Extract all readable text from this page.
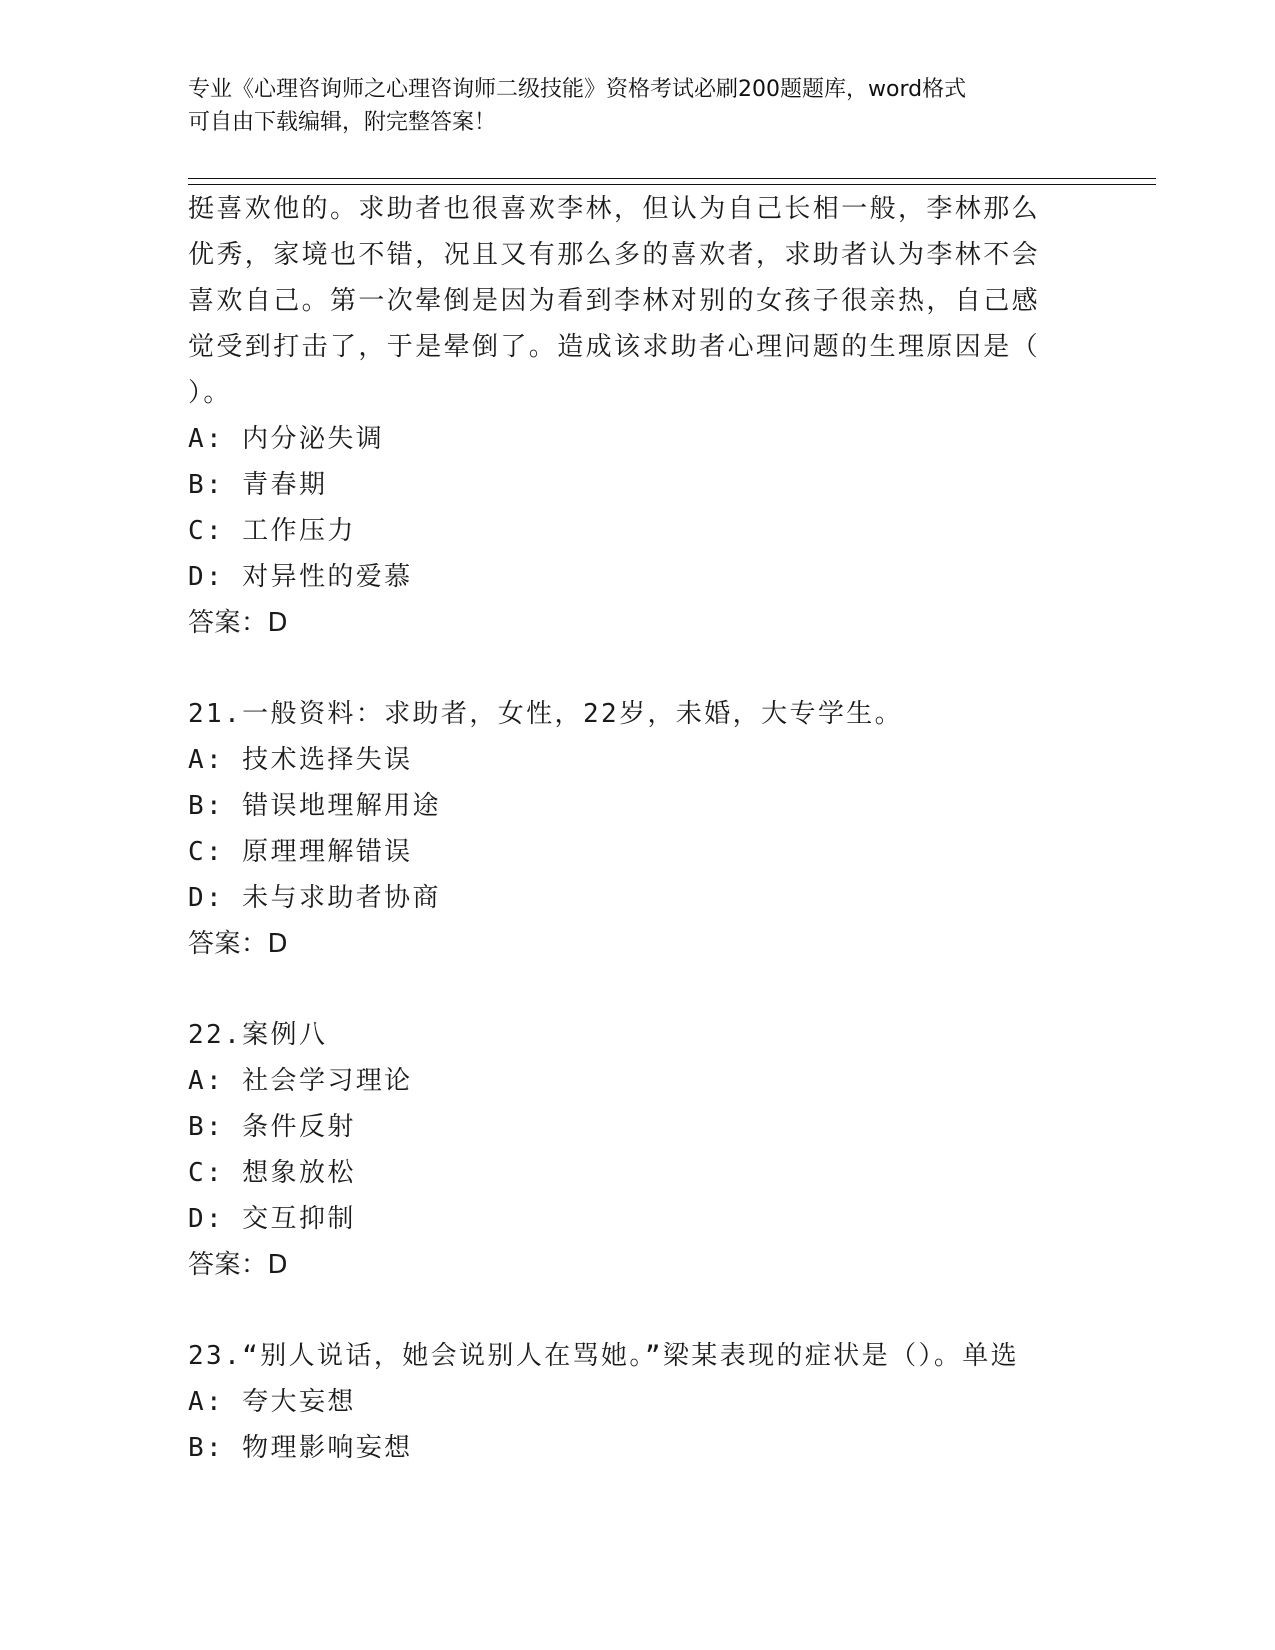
专业《心理咨询师之心理咨询师二级技能》资格考试必刷200题题库，word格式

可自由下载编辑，附完整答案！

挺喜欢他的。求助者也很喜欢李林，但认为自己长相一般，李林那么
优秀，家境也不错，况且又有那么多的喜欢者，求助者认为李林不会
喜欢自己。第一次晕倒是因为看到李林对别的女孩子很亲热，自己感
觉受到打击了，于是晕倒了。造成该求助者心理问题的生理原因是（
）。
A: 内分泌失调
B: 青春期
C: 工作压力
D: 对异性的爱慕
答案：D
21.一般资料：求助者，女性，22岁，未婚，大专学生。
A: 技术选择失误
B: 错误地理解用途
C: 原理理解错误
D: 未与求助者协商
答案：D
22.案例八
A: 社会学习理论
B: 条件反射
C: 想象放松
D: 交互抑制
答案：D
23.“别人说话，她会说别人在骂她。”梁某表现的症状是（）。单选
A: 夸大妄想
B: 物理影响妄想
